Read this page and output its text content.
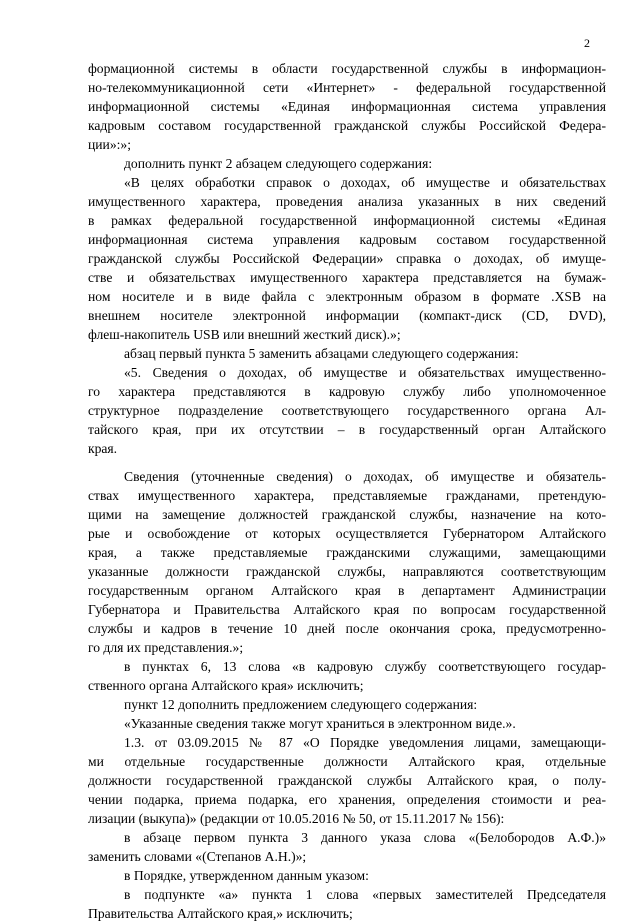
2
формационной системы в области государственной службы в информацион-
но-телекоммуникационной сети «Интернет» - федеральной государственной
информационной системы «Единая информационная система управления
кадровым составом государственной гражданской службы Российской Федера-
ции»:»;
дополнить пункт 2 абзацем следующего содержания:
«В целях обработки справок о доходах, об имуществе и обязательствах
имущественного характера, проведения анализа указанных в них сведений
в рамках федеральной государственной информационной системы «Единая
информационная система управления кадровым составом государственной
гражданской службы Российской Федерации» справка о доходах, об имуще-
стве и обязательствах имущественного характера представляется на бумаж-
ном носителе и в виде файла с электронным образом в формате .XSB на
внешнем носителе электронной информации (компакт-диск (CD, DVD),
флеш-накопитель USB или внешний жесткий диск).»;
абзац первый пункта 5 заменить абзацами следующего содержания:
«5. Сведения о доходах, об имуществе и обязательствах имущественно-
го характера представляются в кадровую службу либо уполномоченное
структурное подразделение соответствующего государственного органа Ал-
тайского края, при их отсутствии – в государственный орган Алтайского
края.
Сведения (уточненные сведения) о доходах, об имуществе и обязатель-
ствах имущественного характера, представляемые гражданами, претендую-
щими на замещение должностей гражданской службы, назначение на кото-
рые и освобождение от которых осуществляется Губернатором Алтайского
края, а также представляемые гражданскими служащими, замещающими
указанные должности гражданской службы, направляются соответствующим
государственным органом Алтайского края в департамент Администрации
Губернатора и Правительства Алтайского края по вопросам государственной
службы и кадров в течение 10 дней после окончания срока, предусмотренно-
го для их представления.»;
в пунктах 6, 13 слова «в кадровую службу соответствующего государ-
ственного органа Алтайского края» исключить;
пункт 12 дополнить предложением следующего содержания:
«Указанные сведения также могут храниться в электронном виде.».
1.3. от 03.09.2015 № 87 «О Порядке уведомления лицами, замещающи-
ми отдельные государственные должности Алтайского края, отдельные
должности государственной гражданской службы Алтайского края, о полу-
чении подарка, приема подарка, его хранения, определения стоимости и реа-
лизации (выкупа)» (редакции от 10.05.2016 № 50, от 15.11.2017 № 156):
в абзаце первом пункта 3 данного указа слова «(Белобородов А.Ф.)»
заменить словами «(Степанов А.Н.)»;
в Порядке, утвержденном данным указом:
в подпункте «а» пункта 1 слова «первых заместителей Председателя
Правительства Алтайского края,» исключить;
